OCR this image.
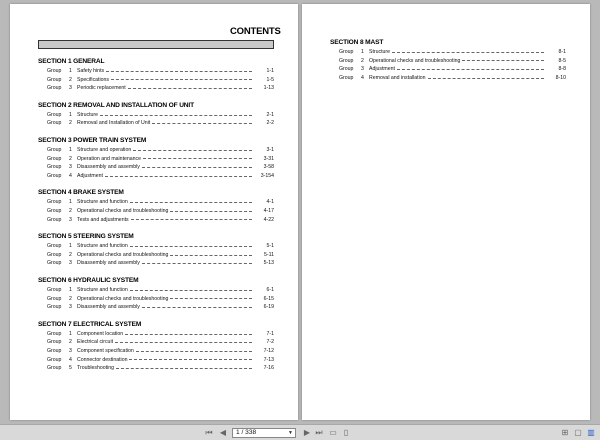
CONTENTS
SECTION 1 GENERAL
Group	1 Safety hints	1-1
Group	2 Specifications	1-5
Group	3 Periodic replacement	1-13
SECTION 2 REMOVAL AND INSTALLATION OF UNIT
Group	1 Structure	2-1
Group	2 Removal and Installation of Unit	2-2
SECTION 3 POWER TRAIN SYSTEM
Group	1 Structure and operation	3-1
Group	2 Operation and maintenance	3-31
Group	3 Disassembly and assembly	3-58
Group	4 Adjustment	3-154
SECTION 4 BRAKE SYSTEM
Group	1 Structure and function	4-1
Group	2 Operational checks and troubleshooting	4-17
Group	3 Tests and adjustments	4-22
SECTION 5 STEERING SYSTEM
Group	1 Structure and function	5-1
Group	2 Operational checks and troubleshooting	5-11
Group	3 Disassembly and assembly	5-13
SECTION 6 HYDRAULIC SYSTEM
Group	1 Structure and function	6-1
Group	2 Operational checks and troubleshooting	6-15
Group	3 Disassembly and assembly	6-19
SECTION 7 ELECTRICAL SYSTEM
Group	1 Component location	7-1
Group	2 Electrical circuit	7-2
Group	3 Component specification	7-12
Group	4 Connector destination	7-13
Group	5 Troubleshooting	7-16
SECTION 8 MAST
Group	1 Structure	8-1
Group	2 Operational checks and troubleshooting	8-5
Group	3 Adjustment	8-8
Group	4 Removal and installation	8-10
⏮ ◀	1 / 338	▼ ▶ ⏭ ▭ ▯	⊞ ▢ ▥
